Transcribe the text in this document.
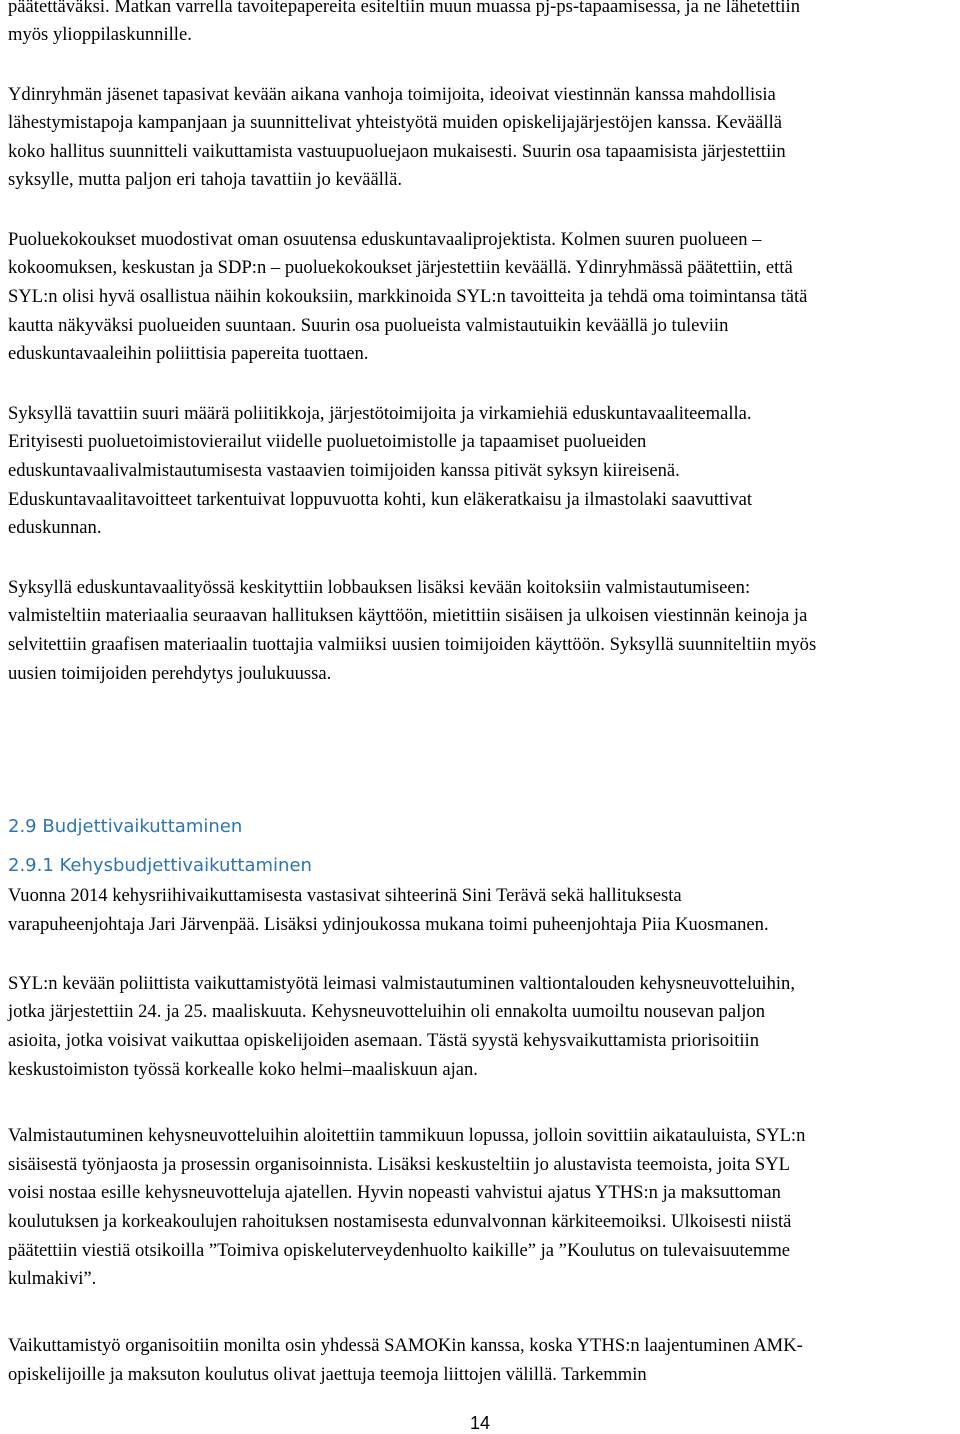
päätettäväksi. Matkan varrella tavoitepapereita esiteltiin muun muassa pj-ps-tapaamisessa, ja ne lähetettiin
myös ylioppilaskunnille.
Ydinryhmän jäsenet tapasivat kevään aikana vanhoja toimijoita, ideoivat viestinnän kanssa mahdollisia
lähestymistapoja kampanjaan ja suunnittelivat yhteistyötä muiden opiskelijajärjestöjen kanssa. Keväällä
koko hallitus suunnitteli vaikuttamista vastuupuoluejaon mukaisesti. Suurin osa tapaamisista järjestettiin
syksylle, mutta paljon eri tahoja tavattiin jo keväällä.
Puoluekokoukset muodostivat oman osuutensa eduskuntavaaliprojektista. Kolmen suuren puolueen –
kokoomuksen, keskustan ja SDP:n – puoluekokoukset järjestettiin keväällä. Ydinryhmässä päätettiin, että
SYL:n olisi hyvä osallistua näihin kokouksiin, markkinoida SYL:n tavoitteita ja tehdä oma toimintansa tätä
kautta näkyväksi puolueiden suuntaan. Suurin osa puolueista valmistautuikin keväällä jo tuleviin
eduskuntavaaleihin poliittisia papereita tuottaen.
Syksyllä tavattiin suuri määrä poliitikkoja, järjestötoimijoita ja virkamiehiä eduskuntavaaliteemalla.
Erityisesti puoluetoimistovierailut viidelle puoluetoimistolle ja tapaamiset puolueiden
eduskuntavaalivalmistautumisesta vastaavien toimijoiden kanssa pitivät syksyn kiireisenä.
Eduskuntavaalitavoitteet tarkentuivat loppuvuotta kohti, kun eläkeratkaisu ja ilmastolaki saavuttivat
eduskunnan.
Syksyllä eduskuntavaalityössä keskityttiin lobbauksen lisäksi kevään koitoksiin valmistautumiseen:
valmisteltiin materiaalia seuraavan hallituksen käyttöön, mietittiin sisäisen ja ulkoisen viestinnän keinoja ja
selvitettiin graafisen materiaalin tuottajia valmiiksi uusien toimijoiden käyttöön. Syksyllä suunniteltiin myös
uusien toimijoiden perehdytys joulukuussa.
2.9 Budjettivaikuttaminen
2.9.1 Kehysbudjettivaikuttaminen
Vuonna 2014 kehysriihivaikuttamisesta vastasivat sihteerinä Sini Terävä sekä hallituksesta
varapuheenjohtaja Jari Järvenpää. Lisäksi ydinjoukossa mukana toimi puheenjohtaja Piia Kuosmanen.
SYL:n kevään poliittista vaikuttamistyötä leimasi valmistautuminen valtiontalouden kehysneuvotteluihin,
jotka järjestettiin 24. ja 25. maaliskuuta. Kehysneuvotteluihin oli ennakolta uumoiltu nousevan paljon
asioita, jotka voisivat vaikuttaa opiskelijoiden asemaan. Tästä syystä kehysvaikuttamista priorisoitiin
keskustoimiston työssä korkealle koko helmi–maaliskuun ajan.
Valmistautuminen kehysneuvotteluihin aloitettiin tammikuun lopussa, jolloin sovittiin aikatauluista, SYL:n
sisäisestä työnjaosta ja prosessin organisoinnista. Lisäksi keskusteltiin jo alustavista teemoista, joita SYL
voisi nostaa esille kehysneuvotteluja ajatellen. Hyvin nopeasti vahvistui ajatus YTHS:n ja maksuttoman
koulutuksen ja korkeakoulujen rahoituksen nostamisesta edunvalvonnan kärkiteemoiksi. Ulkoisesti niistä
päätettiin viestiä otsikoilla ”Toimiva opiskeluterveydenhuolto kaikille” ja ”Koulutus on tulevaisuutemme
kulmakivi”.
Vaikuttamistyö organisoitiin monilta osin yhdessä SAMOKin kanssa, koska YTHS:n laajentuminen AMK-
opiskelijoille ja maksuton koulutus olivat jaettuja teemoja liittojen välillä. Tarkemmin
14
